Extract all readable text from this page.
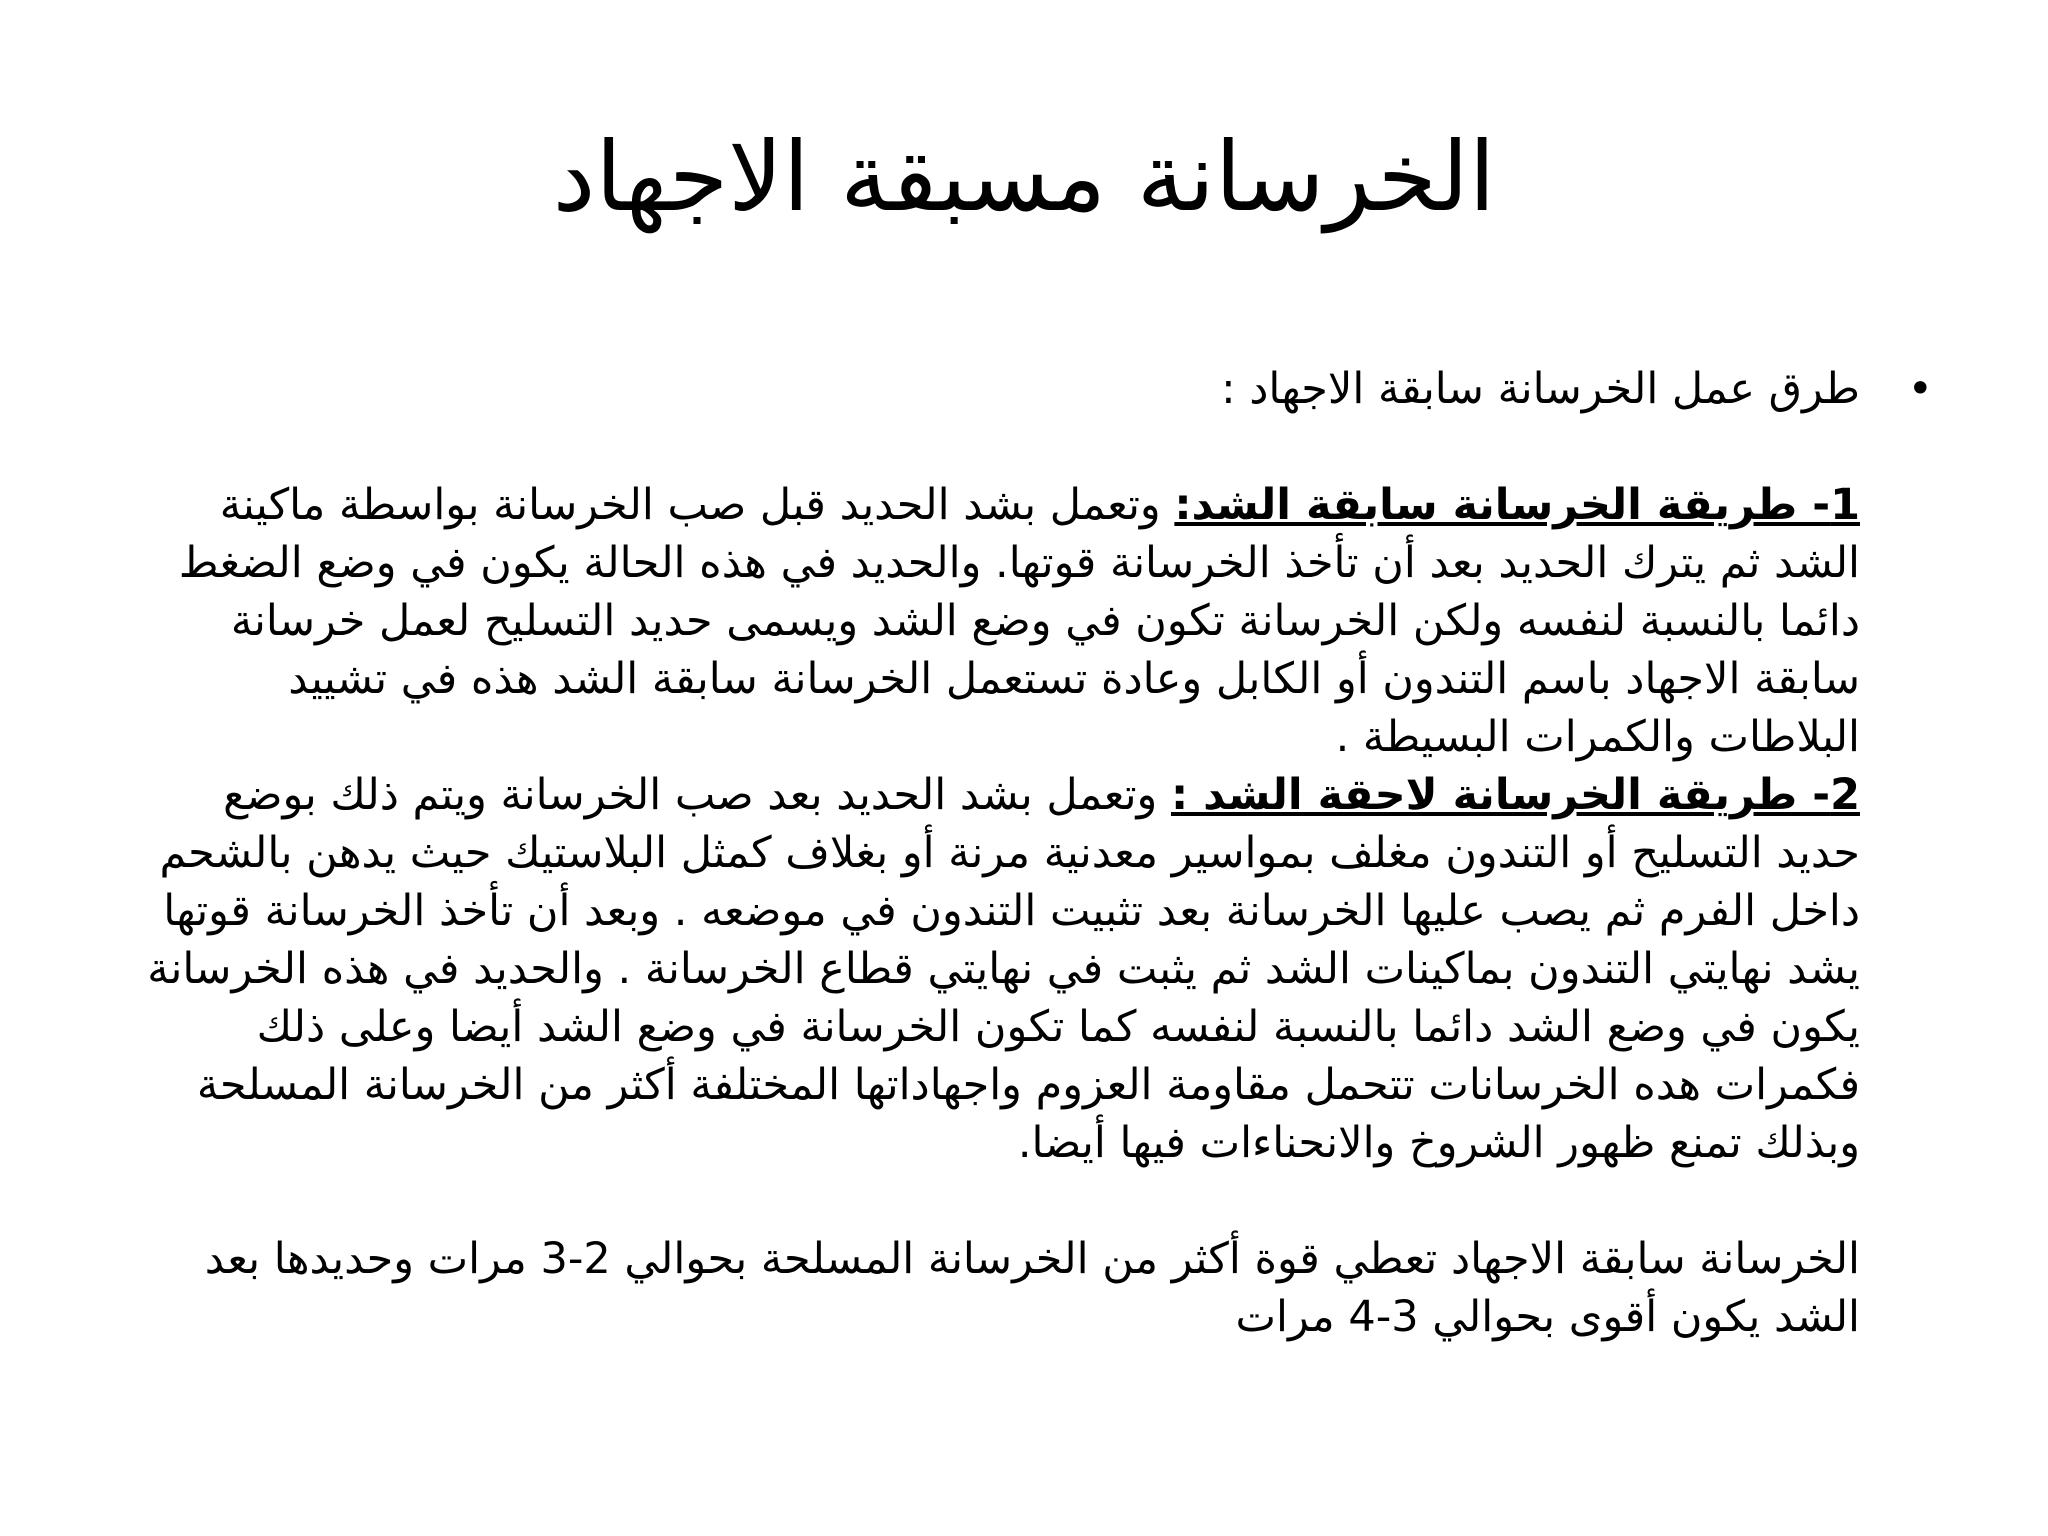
الخرسانة مسبقة الاجهاد

•
طرق عمل الخرسانة سابقة الاجهاد :

1- طريقة الخرسانة سابقة الشد: وتعمل بشد الحديد قبل صب الخرسانة بواسطة ماكينة الشد ثم يترك الحديد بعد أن تأخذ الخرسانة قوتها. والحديد في هذه الحالة يكون في وضع الضغط دائما بالنسبة لنفسه ولكن الخرسانة تكون في وضع الشد ويسمى حديد التسليح لعمل خرسانة سابقة الاجهاد باسم التندون أو الكابل وعادة تستعمل الخرسانة سابقة الشد هذه في تشييد البلاطات والكمرات البسيطة .

2- طريقة الخرسانة لاحقة الشد : وتعمل بشد الحديد بعد صب الخرسانة ويتم ذلك بوضع حديد التسليح أو التندون مغلف بمواسير معدنية مرنة أو بغلاف كمثل البلاستيك حيث يدهن بالشحم داخل الفرم ثم يصب عليها الخرسانة بعد تثبيت التندون في موضعه . وبعد أن تأخذ الخرسانة قوتها يشد نهايتي التندون بماكينات الشد ثم يثبت في نهايتي قطاع الخرسانة . والحديد في هذه الخرسانة يكون في وضع الشد دائما بالنسبة لنفسه كما تكون الخرسانة في وضع الشد أيضا وعلى ذلك فكمرات هده الخرسانات تتحمل مقاومة العزوم واجهاداتها المختلفة أكثر من الخرسانة المسلحة وبذلك تمنع ظهور الشروخ والانحناءات فيها أيضا.

الخرسانة سابقة الاجهاد تعطي قوة أكثر من الخرسانة المسلحة بحوالي 2-3 مرات وحديدها بعد الشد يكون أقوى بحوالي 3-4 مرات
